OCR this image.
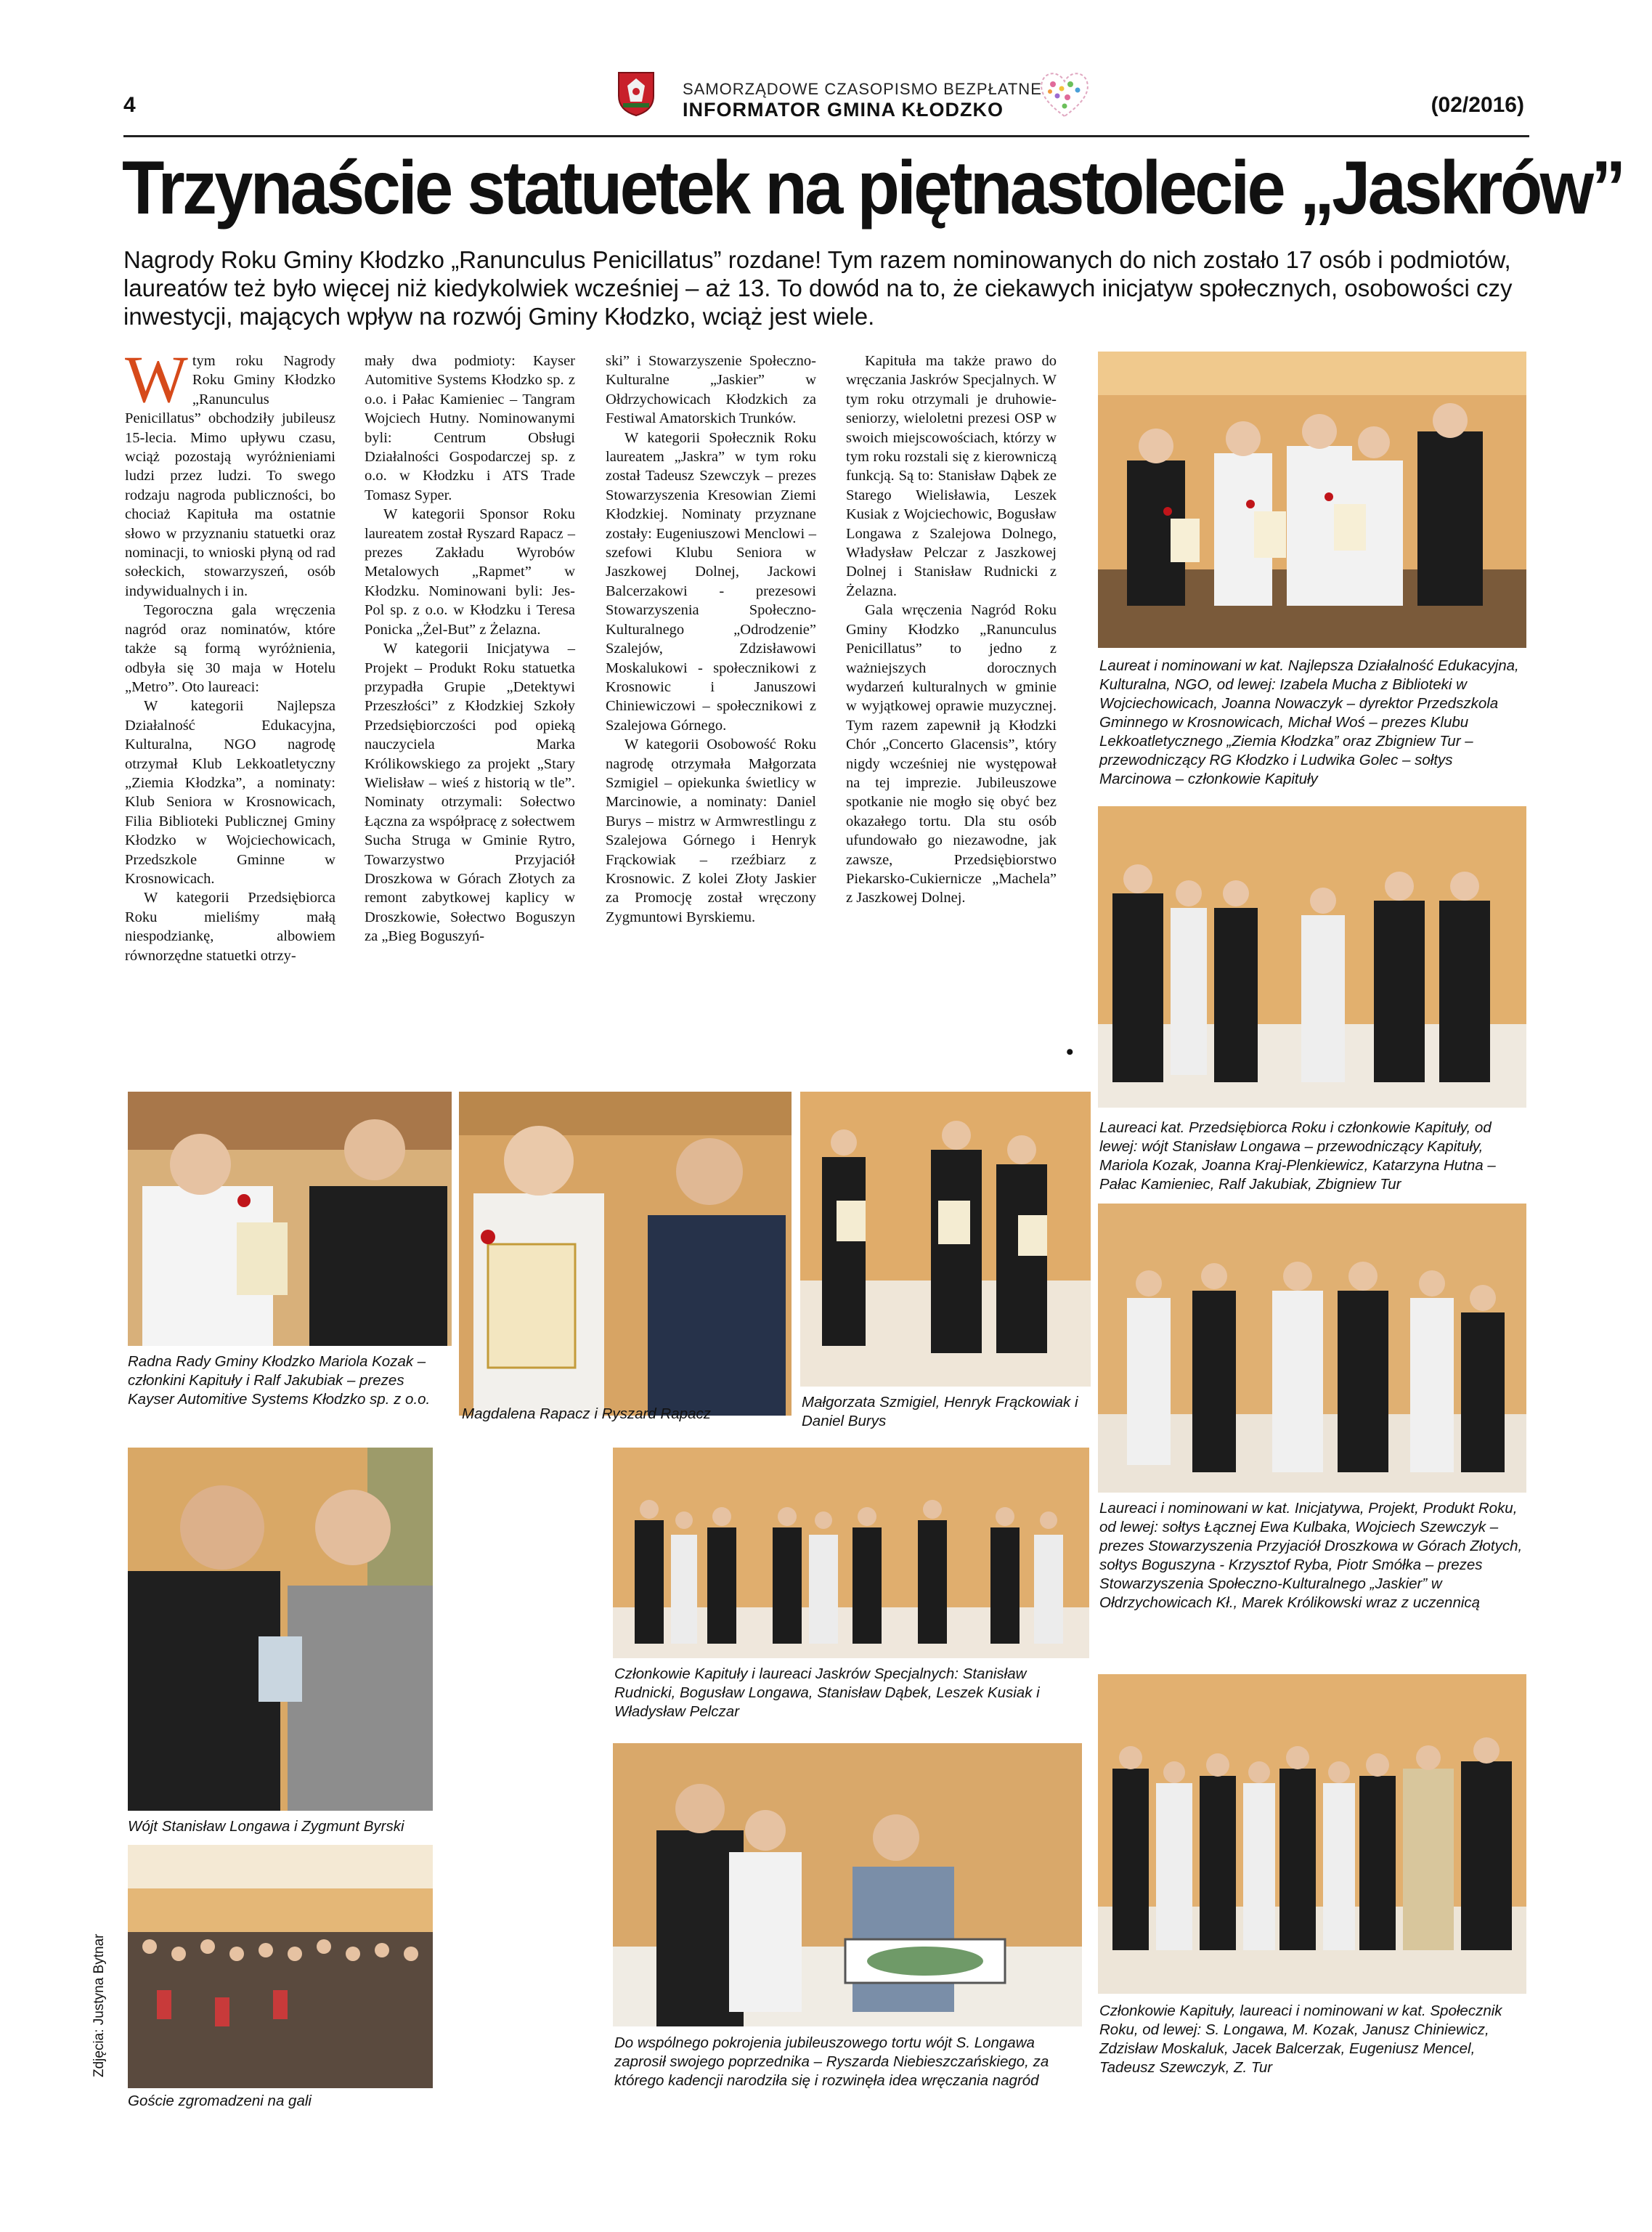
4
SAMORZĄDOWE CZASOPISMO BEZPŁATNE
INFORMATOR GMINA KŁODZKO	(02/2016)
Trzynaście statuetek na piętnastolecie „Jaskrów”
Nagrody Roku Gminy Kłodzko „Ranunculus Penicillatus” rozdane! Tym razem nominowanych do nich zostało 17 osób i podmiotów, laureatów też było więcej niż kiedykolwiek wcześniej – aż 13. To dowód na to, że ciekawych inicjatyw społecznych, osobowości czy inwestycji, mających wpływ na rozwój Gminy Kłodzko, wciąż jest wiele.

Wtym roku Nagrody Roku Gminy Kłodzko „Ranunculus Penicillatus” obchodziły jubileusz 15-lecia. Mimo upływu czasu, wciąż pozostają wyróżnieniami ludzi przez ludzi. To swego rodzaju nagroda publiczności, bo chociaż Kapituła ma ostatnie słowo w przyznaniu statuetki oraz nominacji, to wnioski płyną od rad sołeckich, stowarzyszeń, osób indywidualnych i in.

Tegoroczna gala wręczenia nagród oraz nominatów, które także są formą wyróżnienia, odbyła się 30 maja w Hotelu „Metro”. Oto laureaci:

W kategorii Najlepsza Działalność Edukacyjna, Kulturalna, NGO nagrodę otrzymał Klub Lekkoatletyczny „Ziemia Kłodzka”, a nominaty: Klub Seniora w Krosnowicach, Filia Biblioteki Publicznej Gminy Kłodzko w Wojciechowicach, Przedszkole Gminne w Krosnowicach.

W kategorii Przedsiębiorca Roku mieliśmy małą niespodziankę, albowiem równorzędne statuetki otrzy-

mały dwa podmioty: Kayser Automitive Systems Kłodzko sp. z o.o. i Pałac Kamieniec – Tangram Wojciech Hutny. Nominowanymi byli: Centrum Obsługi Działalności Gospodarczej sp. z o.o. w Kłodzku i ATS Trade Tomasz Syper.

W kategorii Sponsor Roku laureatem został Ryszard Rapacz – prezes Zakładu Wyrobów Metalowych „Rapmet” w Kłodzku. Nominowani byli: Jes-Pol sp. z o.o. w Kłodzku i Teresa Ponicka „Żel-But” z Żelazna.

W kategorii Inicjatywa – Projekt – Produkt Roku statuetka przypadła Grupie „Detektywi Przeszłości” z Kłodzkiej Szkoły Przedsiębiorczości pod opieką nauczyciela Marka Królikowskiego za projekt „Stary Wielisław – wieś z historią w tle”. Nominaty otrzymali: Sołectwo Łączna za współpracę z sołectwem Sucha Struga w Gminie Rytro, Towarzystwo Przyjaciół Droszkowa w Górach Złotych za remont zabytkowej kaplicy w Droszkowie, Sołectwo Boguszyn za „Bieg Boguszyń-

ski” i Stowarzyszenie Społeczno-Kulturalne „Jaskier” w Ołdrzychowicach Kłodzkich za Festiwal Amatorskich Trunków.

W kategorii Społecznik Roku laureatem „Jaskra” w tym roku został Tadeusz Szewczyk – prezes Stowarzyszenia Kresowian Ziemi Kłodzkiej. Nominaty przyznane zostały: Eugeniuszowi Menclowi – szefowi Klubu Seniora w Jaszkowej Dolnej, Jackowi Balcerzakowi - prezesowi Stowarzyszenia Społeczno-Kulturalnego „Odrodzenie” Szalejów, Zdzisławowi Moskalukowi - społecznikowi z Krosnowic i Januszowi Chiniewiczowi – społecznikowi z Szalejowa Górnego.

W kategorii Osobowość Roku nagrodę otrzymała Małgorzata Szmigiel – opiekunka świetlicy w Marcinowie, a nominaty: Daniel Burys – mistrz w Armwrestlingu z Szalejowa Górnego i Henryk Frąckowiak – rzeźbiarz z Krosnowic. Z kolei Złoty Jaskier za Promocję został wręczony Zygmuntowi Byrskiemu.

Kapituła ma także prawo do wręczania Jaskrów Specjalnych. W tym roku otrzymali je druhowie-seniorzy, wieloletni prezesi OSP w swoich miejscowościach, którzy w tym roku rozstali się z kierowniczą funkcją. Są to: Stanisław Dąbek ze Starego Wielisławia, Leszek Kusiak z Wojciechowic, Bogusław Longawa z Szalejowa Dolnego, Władysław Pelczar z Jaszkowej Dolnej i Stanisław Rudnicki z Żelazna.

Gala wręczenia Nagród Roku Gminy Kłodzko „Ranunculus Penicillatus” to jedno z ważniejszych dorocznych wydarzeń kulturalnych w gminie w wyjątkowej oprawie muzycznej. Tym razem zapewnił ją Kłodzki Chór „Concerto Glacensis”, który nigdy wcześniej nie występował na tej imprezie. Jubileuszowe spotkanie nie mogło się obyć bez okazałego tortu. Dla stu osób ufundowało go niezawodne, jak zawsze, Przedsiębiorstwo Piekarsko-Cukiernicze „Machela” z Jaszkowej Dolnej.

•
Laureat i nominowani w kat. Najlepsza Działalność Edukacyjna, Kulturalna, NGO, od lewej: Izabela Mucha z Biblioteki w Wojciechowicach, Joanna Nowaczyk – dyrektor Przedszkola Gminnego w Krosnowicach, Michał Woś – prezes Klubu Lekkoatletycznego „Ziemia Kłodzka” oraz Zbigniew Tur – przewodniczący RG Kłodzko i Ludwika Golec – sołtys Marcinowa – członkowie Kapituły
Laureaci kat. Przedsiębiorca Roku i członkowie Kapituły, od lewej: wójt Stanisław Longawa – przewodniczący Kapituły, Mariola Kozak, Joanna Kraj-Plenkiewicz, Katarzyna Hutna – Pałac Kamieniec, Ralf Jakubiak, Zbigniew Tur
Radna Rady Gminy Kłodzko Mariola Kozak – członkini Kapituły i Ralf Jakubiak – prezes Kayser Automitive Systems Kłodzko sp. z o.o.
Magdalena Rapacz i Ryszard Rapacz
Małgorzata Szmigiel, Henryk Frąckowiak i Daniel Burys
Laureaci i nominowani w kat. Inicjatywa, Projekt, Produkt Roku, od lewej: sołtys Łącznej Ewa Kulbaka, Wojciech Szewczyk – prezes Stowarzyszenia Przyjaciół Droszkowa w Górach Złotych, sołtys Boguszyna - Krzysztof Ryba, Piotr Smółka – prezes Stowarzyszenia Społeczno-Kulturalnego „Jaskier” w Ołdrzychowicach Kł., Marek Królikowski wraz z uczennicą
Wójt Stanisław Longawa i Zygmunt Byrski
Członkowie Kapituły i laureaci Jaskrów Specjalnych: Stanisław Rudnicki, Bogusław Longawa, Stanisław Dąbek, Leszek Kusiak i Władysław Pelczar
Goście zgromadzeni na gali
Do wspólnego pokrojenia jubileuszowego tortu wójt S. Longawa zaprosił swojego poprzednika – Ryszarda Niebieszczańskiego, za którego kadencji narodziła się i rozwinęła idea wręczania nagród
Członkowie Kapituły, laureaci i nominowani w kat. Społecznik Roku, od lewej: S. Longawa, M. Kozak, Janusz Chiniewicz, Zdzisław Moskaluk, Jacek Balcerzak, Eugeniusz Mencel, Tadeusz Szewczyk, Z. Tur
Zdjęcia: Justyna Bytnar
